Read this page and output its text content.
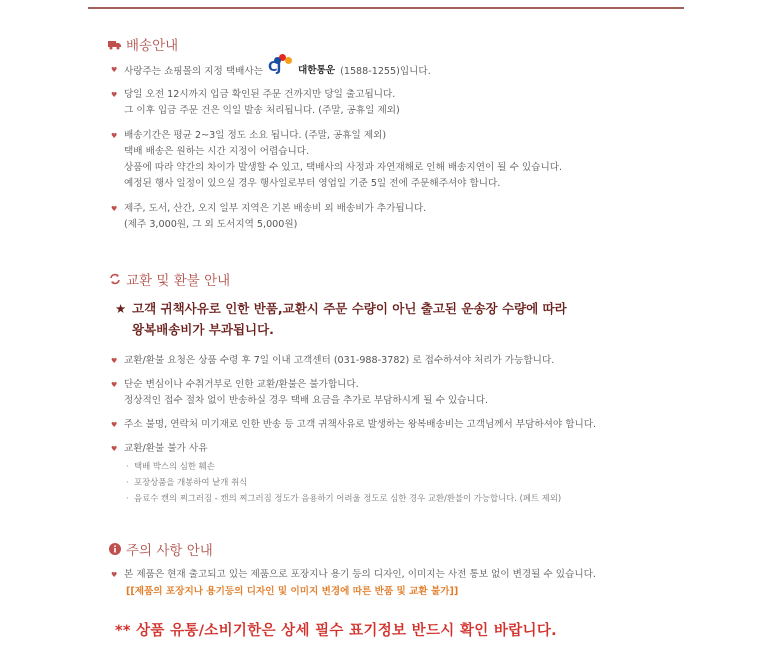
배송안내
♥ 사랑주는 쇼핑몰의 지정 택배사는 CJ 대한통운 (1588-1255)입니다.
♥ 당일 오전 12시까지 입금 확인된 주문 건까지만 당일 출고됩니다.
그 이후 입금 주문 건은 익일 발송 처리됩니다. (주말, 공휴일 제외)
♥ 배송기간은 평균 2~3일 정도 소요 됩니다. (주말, 공휴일 제외)
택배 배송은 원하는 시간 지정이 어렵습니다.
상품에 따라 약간의 차이가 발생할 수 있고, 택배사의 사정과 자연재해로 인해 배송지연이 될 수 있습니다.
예정된 행사 일정이 있으실 경우 행사일로부터 영업일 기준 5일 전에 주문해주셔야 합니다.
♥ 제주, 도서, 산간, 오지 일부 지역은 기본 배송비 외 배송비가 추가됩니다.
(제주 3,000원, 그 외 도서지역 5,000원)
교환 및 환불 안내
★ 고객 귀책사유로 인한 반품,교환시 주문 수량이 아닌 출고된 운송장 수량에 따라
왕복배송비가 부과됩니다.
♥ 교환/환불 요청은 상품 수령 후 7일 이내 고객센터 (031-988-3782) 로 접수하셔야 처리가 가능합니다.
♥ 단순 변심이나 수취거부로 인한 교환/환불은 불가합니다.
정상적인 접수 절차 없이 반송하실 경우 택배 요금을 추가로 부담하시게 될 수 있습니다.
♥ 주소 불명, 연락처 미기재로 인한 반송 등 고객 귀책사유로 발생하는 왕복배송비는 고객님께서 부담하셔야 합니다.
♥ 교환/환불 불가 사유
· 택배 박스의 심한 훼손
· 포장상품을 개봉하여 낱개 취식
· 음료수 캔의 찌그러짐 - 캔의 찌그러짐 정도가 음용하기 어려울 정도로 심한 경우 교환/환불이 가능합니다. (페트 제외)
주의 사항 안내
♥ 본 제품은 현재 출고되고 있는 제품으로 포장지나 용기 등의 디자인, 이미지는 사전 통보 없이 변경될 수 있습니다.
[[제품의 포장지나 용기등의 디자인 및 이미지 변경에 따른 반품 및 교환 불가]]
** 상품 유통/소비기한은 상세 필수 표기정보 반드시 확인 바랍니다.
